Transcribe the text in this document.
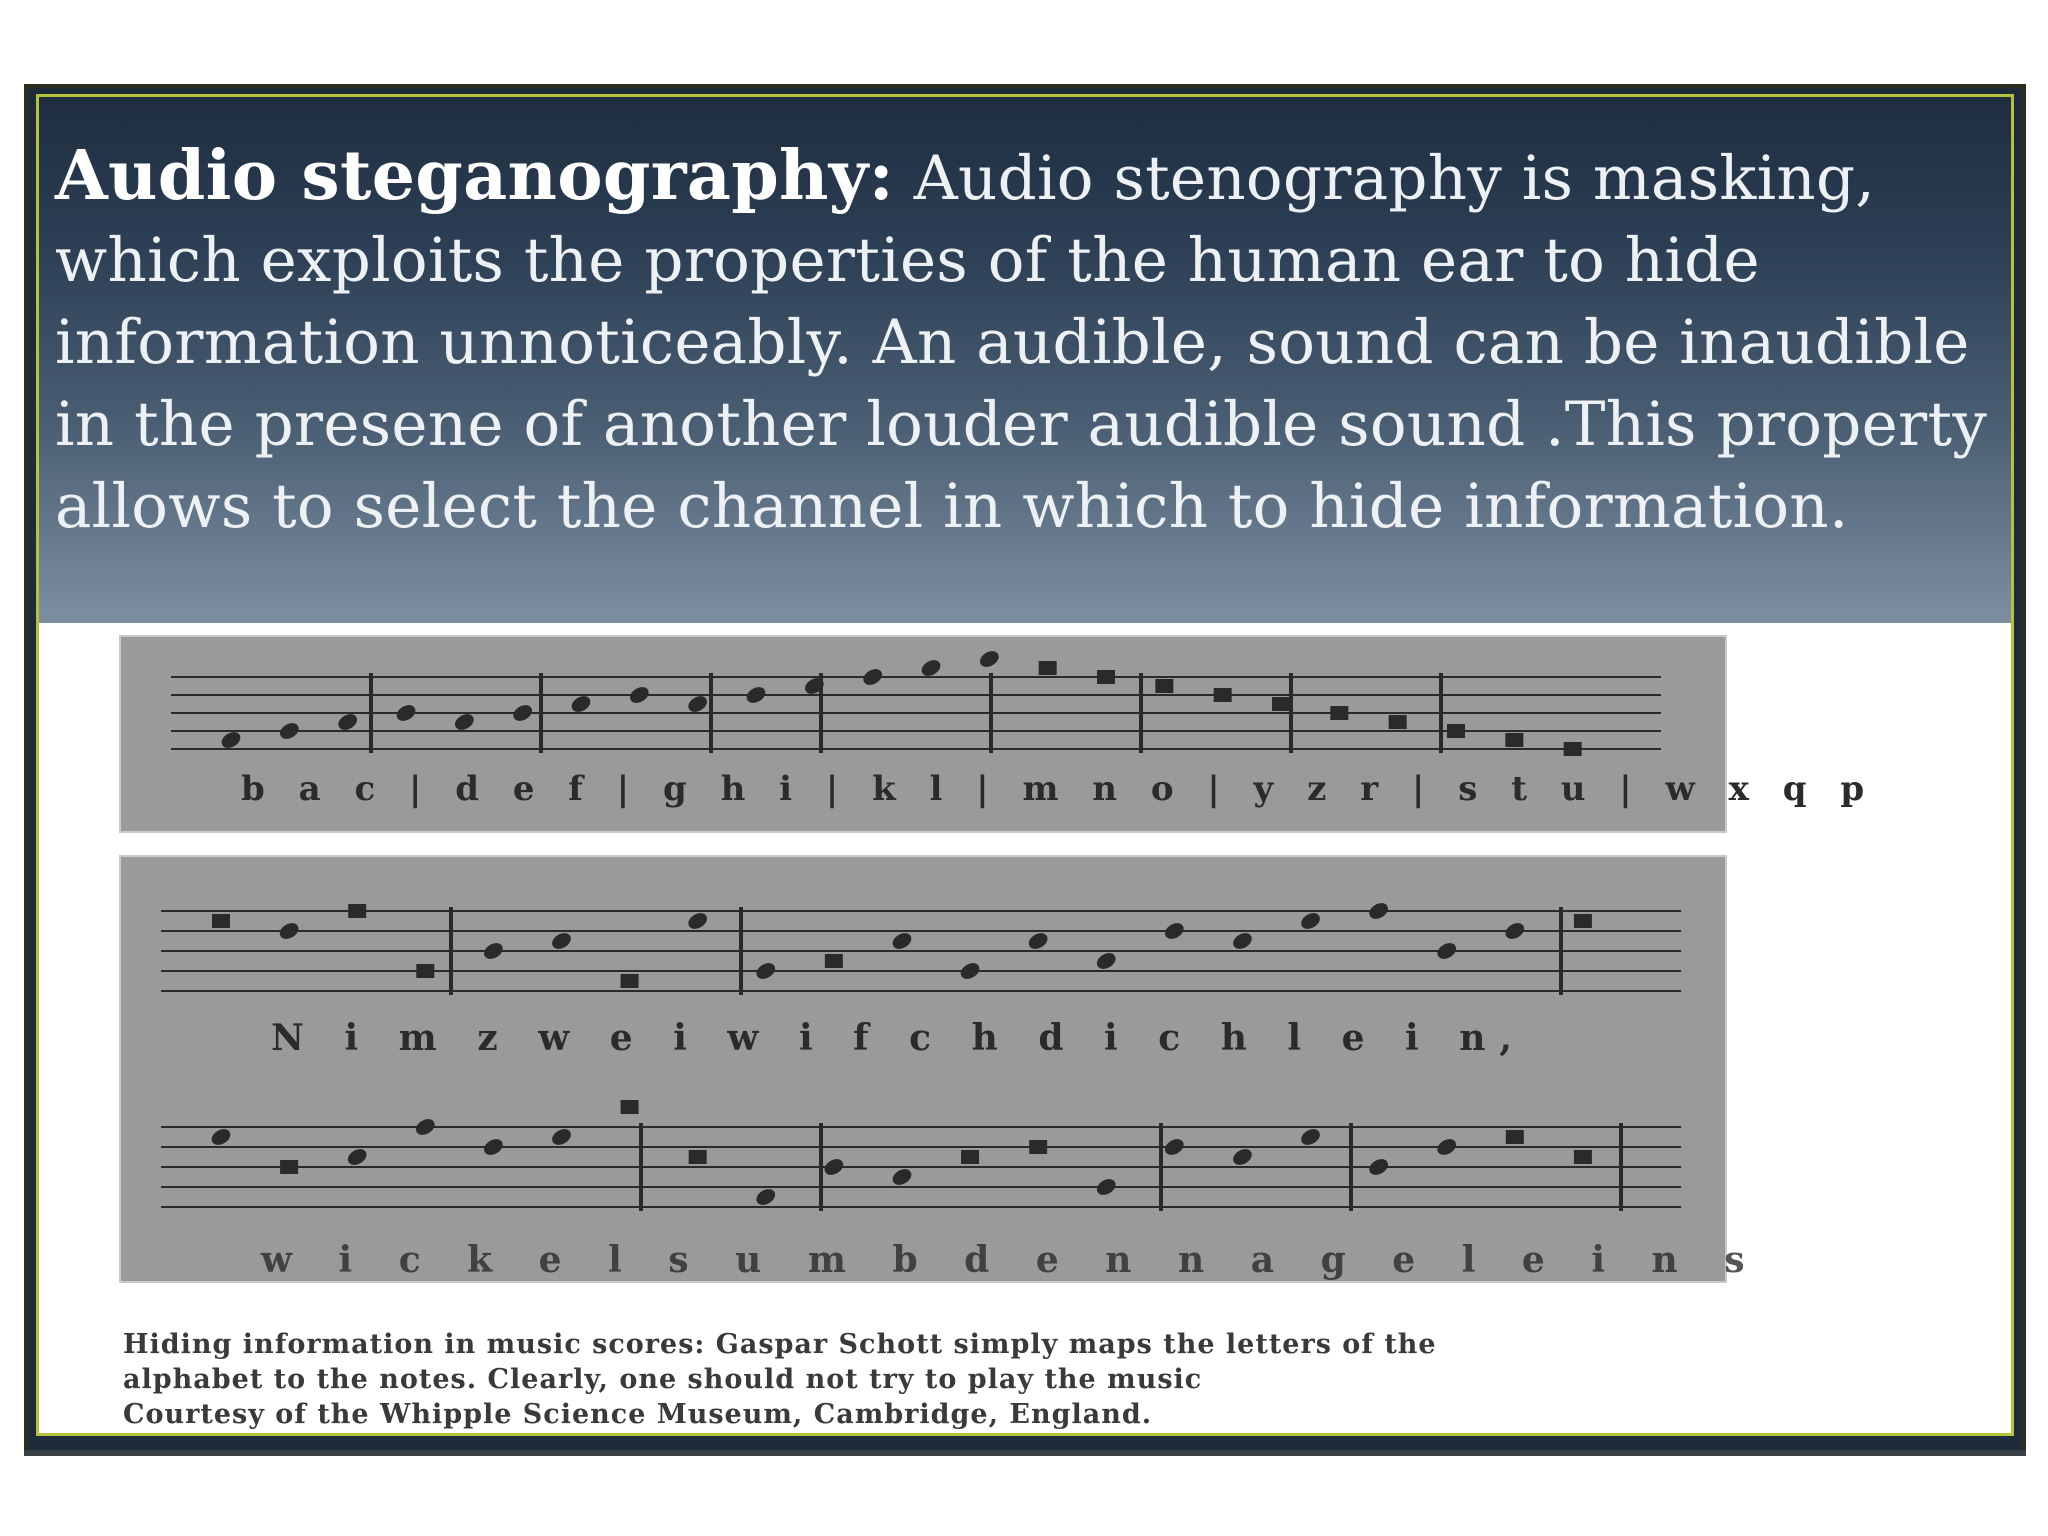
Audio steganography: Audio stenography is masking, which exploits the properties of the human ear to hide information unnoticeably. An audible, sound can be inaudible in the presene of another louder audible sound .This property allows to select the channel in which to hide information.

b a c | d e f | g h i | k l | m n o | y z r | s t u | w x q p
N i m z w e i w i f c h d i c h l e i n,
w i c k e l s u m b d e n n a g e l e i n s
Hiding information in music scores: Gaspar Schott simply maps the letters of the
alphabet to the notes. Clearly, one should not try to play the music
Courtesy of the Whipple Science Museum, Cambridge, England.
